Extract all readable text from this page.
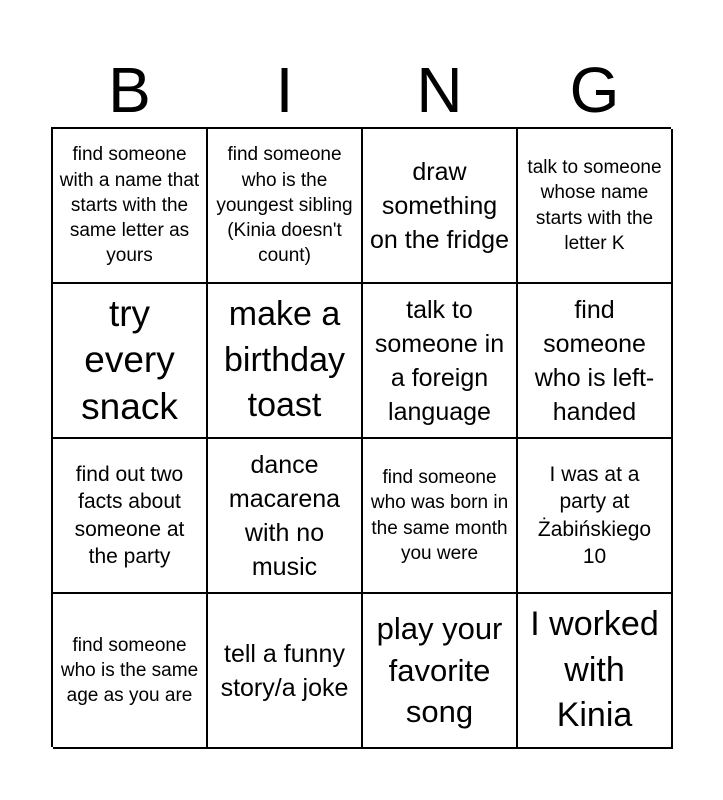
B	I	N	G
find someone with a name that starts with the same letter as yours
find someone who is the youngest sibling (Kinia doesn't count)
draw something on the fridge
talk to someone whose name starts with the letter K
try every snack
make a birthday toast
talk to someone in a foreign language
find someone who is left-handed
find out two facts about someone at the party
dance macarena with no music
find someone who was born in the same month you were
I was at a party at Żabińskiego 10
find someone who is the same age as you are
tell a funny story/a joke
play your favorite song
I worked with Kinia
